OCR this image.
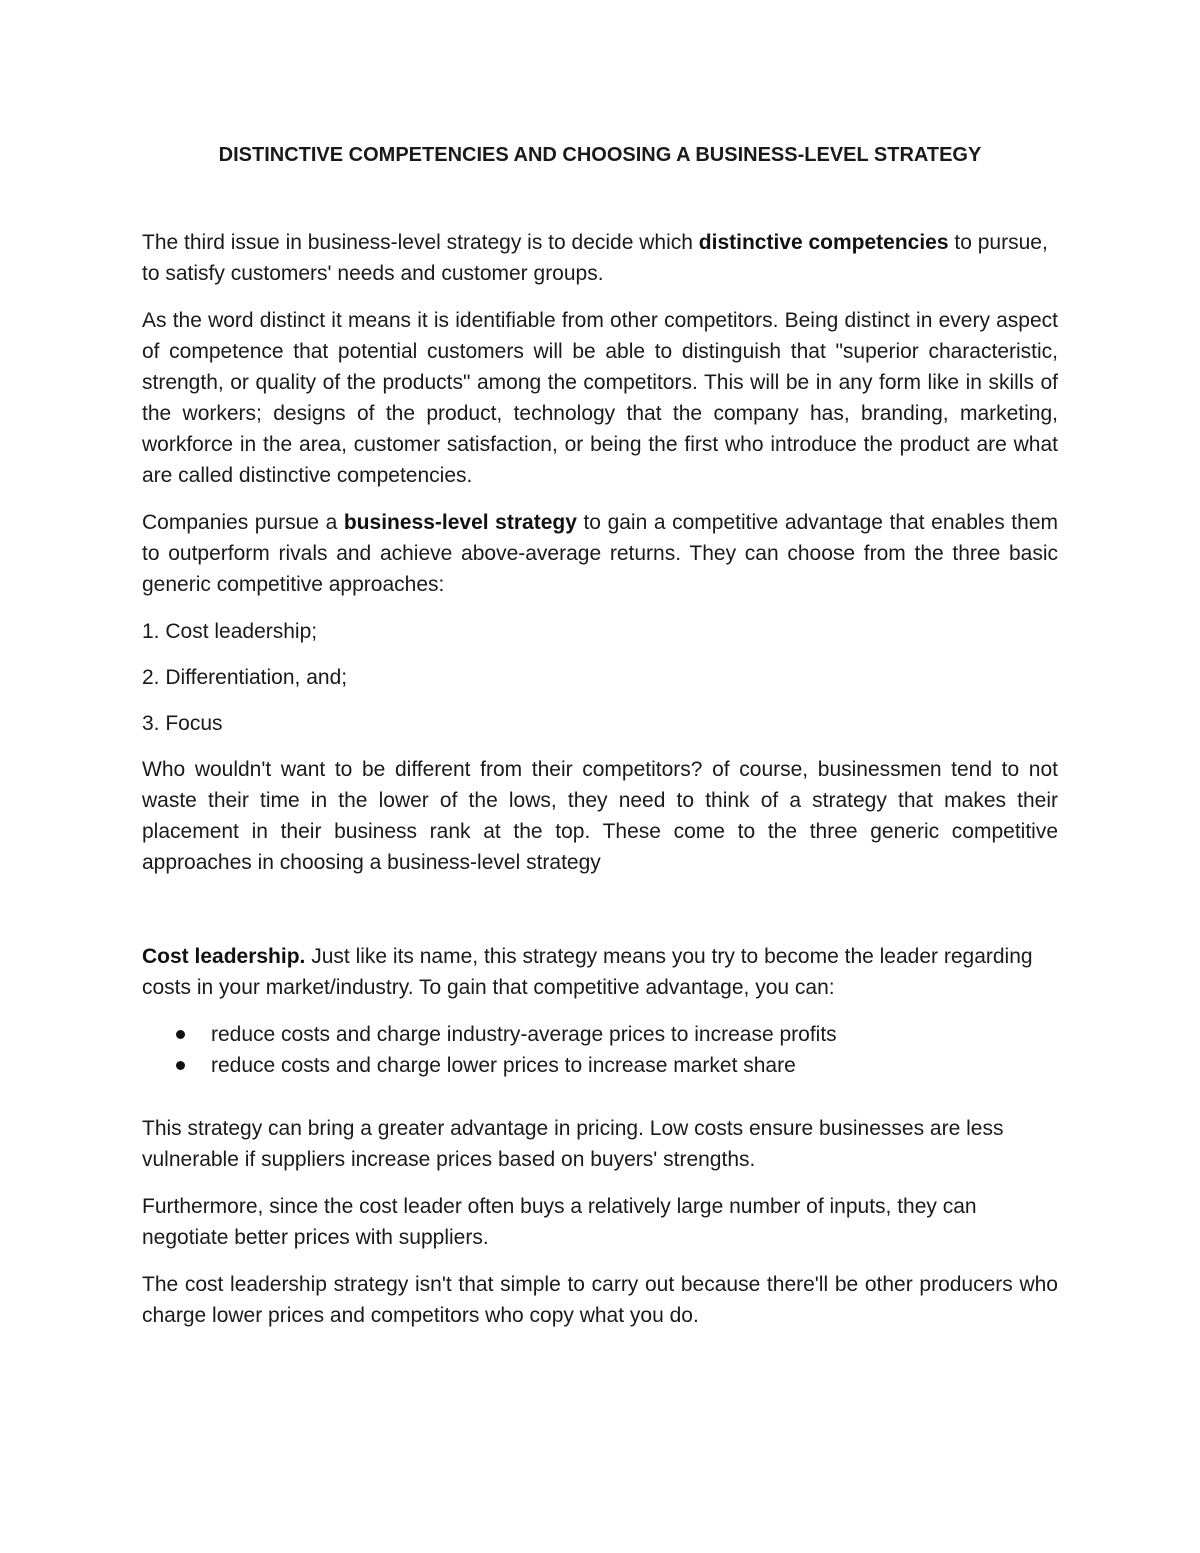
DISTINCTIVE COMPETENCIES AND CHOOSING A BUSINESS-LEVEL STRATEGY

The third issue in business-level strategy is to decide which distinctive competencies to pursue, to satisfy customers' needs and customer groups.

As the word distinct it means it is identifiable from other competitors. Being distinct in every aspect of competence that potential customers will be able to distinguish that "superior characteristic, strength, or quality of the products" among the competitors. This will be in any form like in skills of the workers; designs of the product, technology that the company has, branding, marketing, workforce in the area, customer satisfaction, or being the first who introduce the product are what are called distinctive competencies.

Companies pursue a business-level strategy to gain a competitive advantage that enables them to outperform rivals and achieve above-average returns. They can choose from the three basic generic competitive approaches:

1. Cost leadership;

2. Differentiation, and;

3. Focus

Who wouldn't want to be different from their competitors? of course, businessmen tend to not waste their time in the lower of the lows, they need to think of a strategy that makes their placement in their business rank at the top. These come to the three generic competitive approaches in choosing a business-level strategy

Cost leadership. Just like its name, this strategy means you try to become the leader regarding costs in your market/industry. To gain that competitive advantage, you can:

reduce costs and charge industry-average prices to increase profits
reduce costs and charge lower prices to increase market share

This strategy can bring a greater advantage in pricing. Low costs ensure businesses are less vulnerable if suppliers increase prices based on buyers' strengths.

Furthermore, since the cost leader often buys a relatively large number of inputs, they can negotiate better prices with suppliers.

The cost leadership strategy isn't that simple to carry out because there'll be other producers who charge lower prices and competitors who copy what you do.
